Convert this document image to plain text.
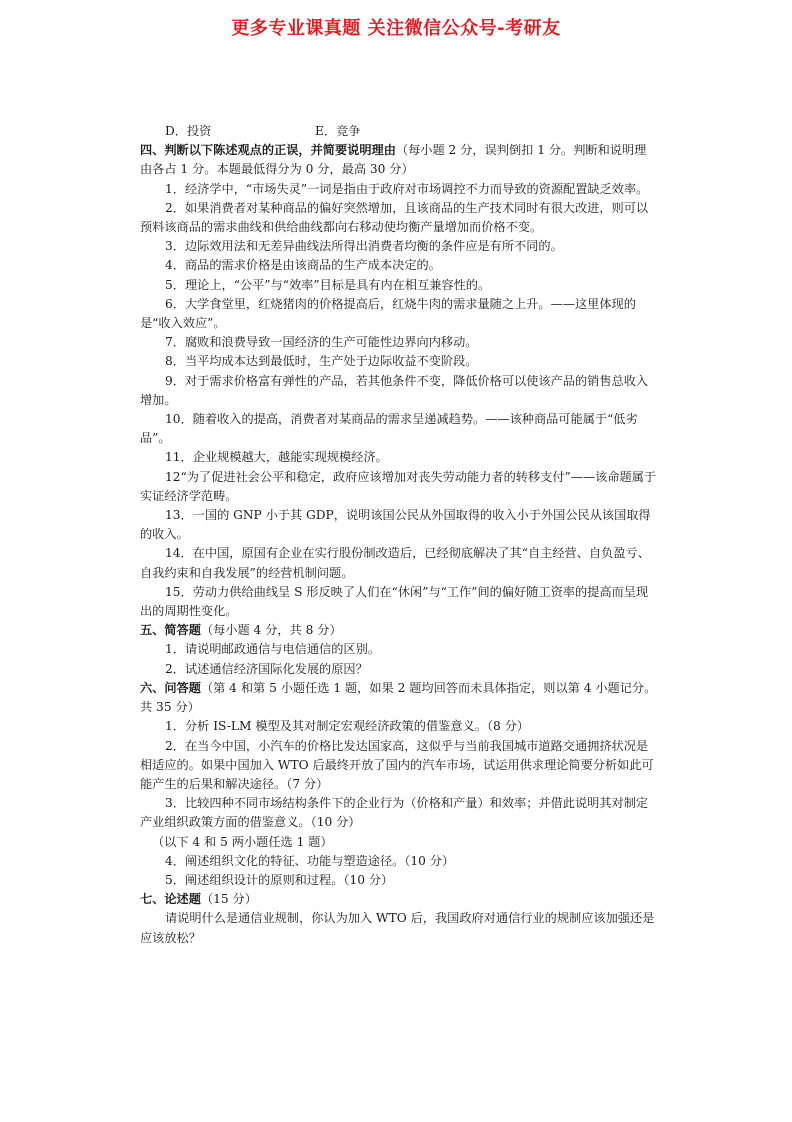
更多专业课真题 关注微信公众号-考研友

D．投资	E．竞争

四、判断以下陈述观点的正误，并简要说明理由（每小题 2 分，误判倒扣 1 分。判断和说明理由各占 1 分。本题最低得分为 0 分，最高 30 分）

1．经济学中，“市场失灵”一词是指由于政府对市场调控不力而导致的资源配置缺乏效率。

2．如果消费者对某种商品的偏好突然增加，且该商品的生产技术同时有很大改进，则可以预料该商品的需求曲线和供给曲线都向右移动使均衡产量增加而价格不变。

3．边际效用法和无差异曲线法所得出消费者均衡的条件应是有所不同的。

4．商品的需求价格是由该商品的生产成本决定的。

5．理论上，“公平”与“效率”目标是具有内在相互兼容性的。

6．大学食堂里，红烧猪肉的价格提高后，红烧牛肉的需求量随之上升。——这里体现的是“收入效应”。

7．腐败和浪费导致一国经济的生产可能性边界向内移动。

8．当平均成本达到最低时，生产处于边际收益不变阶段。

9．对于需求价格富有弹性的产品，若其他条件不变，降低价格可以使该产品的销售总收入增加。

10．随着收入的提高，消费者对某商品的需求呈递减趋势。——该种商品可能属于“低劣品”。

11．企业规模越大，越能实现规模经济。

12“为了促进社会公平和稳定，政府应该增加对丧失劳动能力者的转移支付”——该命题属于实证经济学范畴。

13．一国的 GNP 小于其 GDP，说明该国公民从外国取得的收入小于外国公民从该国取得的收入。

14．在中国，原国有企业在实行股份制改造后，已经彻底解决了其“自主经营、自负盈亏、自我约束和自我发展”的经营机制问题。

15．劳动力供给曲线呈 S 形反映了人们在“休闲”与“工作”间的偏好随工资率的提高而呈现出的周期性变化。

五、简答题（每小题 4 分，共 8 分）

1．请说明邮政通信与电信通信的区别。

2．试述通信经济国际化发展的原因？

六、问答题（第 4 和第 5 小题任选 1 题，如果 2 题均回答而未具体指定，则以第 4 小题记分。共 35 分）

1．分析 IS-LM 模型及其对制定宏观经济政策的借鉴意义。（8 分）

2．在当今中国，小汽车的价格比发达国家高，这似乎与当前我国城市道路交通拥挤状况是相适应的。如果中国加入 WTO 后最终开放了国内的汽车市场，试运用供求理论简要分析如此可能产生的后果和解决途径。（7 分）

3．比较四种不同市场结构条件下的企业行为（价格和产量）和效率；并借此说明其对制定产业组织政策方面的借鉴意义。（10 分）

（以下 4 和 5 两小题任选 1 题）

4．阐述组织文化的特征、功能与塑造途径。（10 分）

5．阐述组织设计的原则和过程。（10 分）

七、论述题（15 分）

请说明什么是通信业规制，你认为加入 WTO 后，我国政府对通信行业的规制应该加强还是应该放松？
